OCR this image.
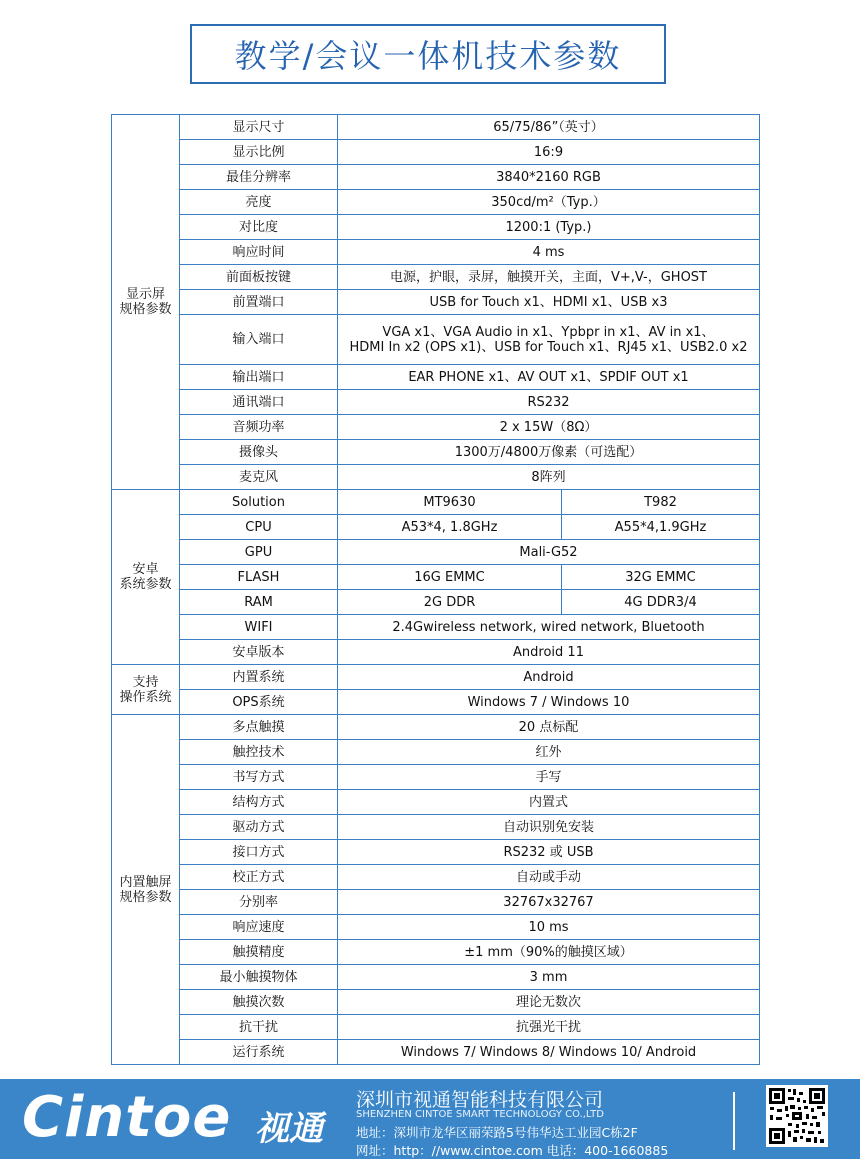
教学/会议一体机技术参数
显示屏
规格参数	显示尺寸	65/75/86”（英寸）	
	显示比例	16:9	
	最佳分辨率	3840*2160 RGB	
	亮度	350cd/m²（Typ.）	
	对比度	1200:1 (Typ.)	
	响应时间	4 ms	
	前面板按键	电源，护眼，录屏，触摸开关，主面，V+,V-，GHOST	
	前置端口	USB for Touch x1、HDMI x1、USB x3	
	输入端口	VGA x1、VGA Audio in x1、Ypbpr in x1、AV in x1、
HDMI In x2 (OPS x1)、USB for Touch x1、RJ45 x1、USB2.0 x2	
	输出端口	EAR PHONE x1、AV OUT x1、SPDIF OUT x1	
	通讯端口	RS232	
	音频功率	2 x 15W（8Ω）	
	摄像头	1300万/4800万像素（可选配）	
	麦克风	8阵列	
安卓
系统参数	Solution	MT9630	T982
	CPU	A53*4, 1.8GHz	A55*4,1.9GHz
	GPU	Mali-G52	
	FLASH	16G EMMC	32G EMMC
	RAM	2G DDR	4G DDR3/4
	WIFI	2.4Gwireless network, wired network, Bluetooth	
	安卓版本	Android 11	
支持
操作系统	内置系统	Android	
	OPS系统	Windows 7 / Windows 10	
内置触屏
规格参数	多点触摸	20 点标配	
	触控技术	红外	
	书写方式	手写	
	结构方式	内置式	
	驱动方式	自动识别免安装	
	接口方式	RS232 或 USB	
	校正方式	自动或手动	
	分别率	32767x32767	
	响应速度	10 ms	
	触摸精度	±1 mm（90%的触摸区域）	
	最小触摸物体	3 mm	
	触摸次数	理论无数次	
	抗干扰	抗强光干扰	
	运行系统	Windows 7/ Windows 8/ Windows 10/ Android	
Cintoe 视通
深圳市视通智能科技有限公司
SHENZHEN CINTOE SMART TECHNOLOGY CO.,LTD
地址：深圳市龙华区丽荣路5号伟华达工业园C栋2F
网址：http：//www.cintoe.com 电话：400-1660885
